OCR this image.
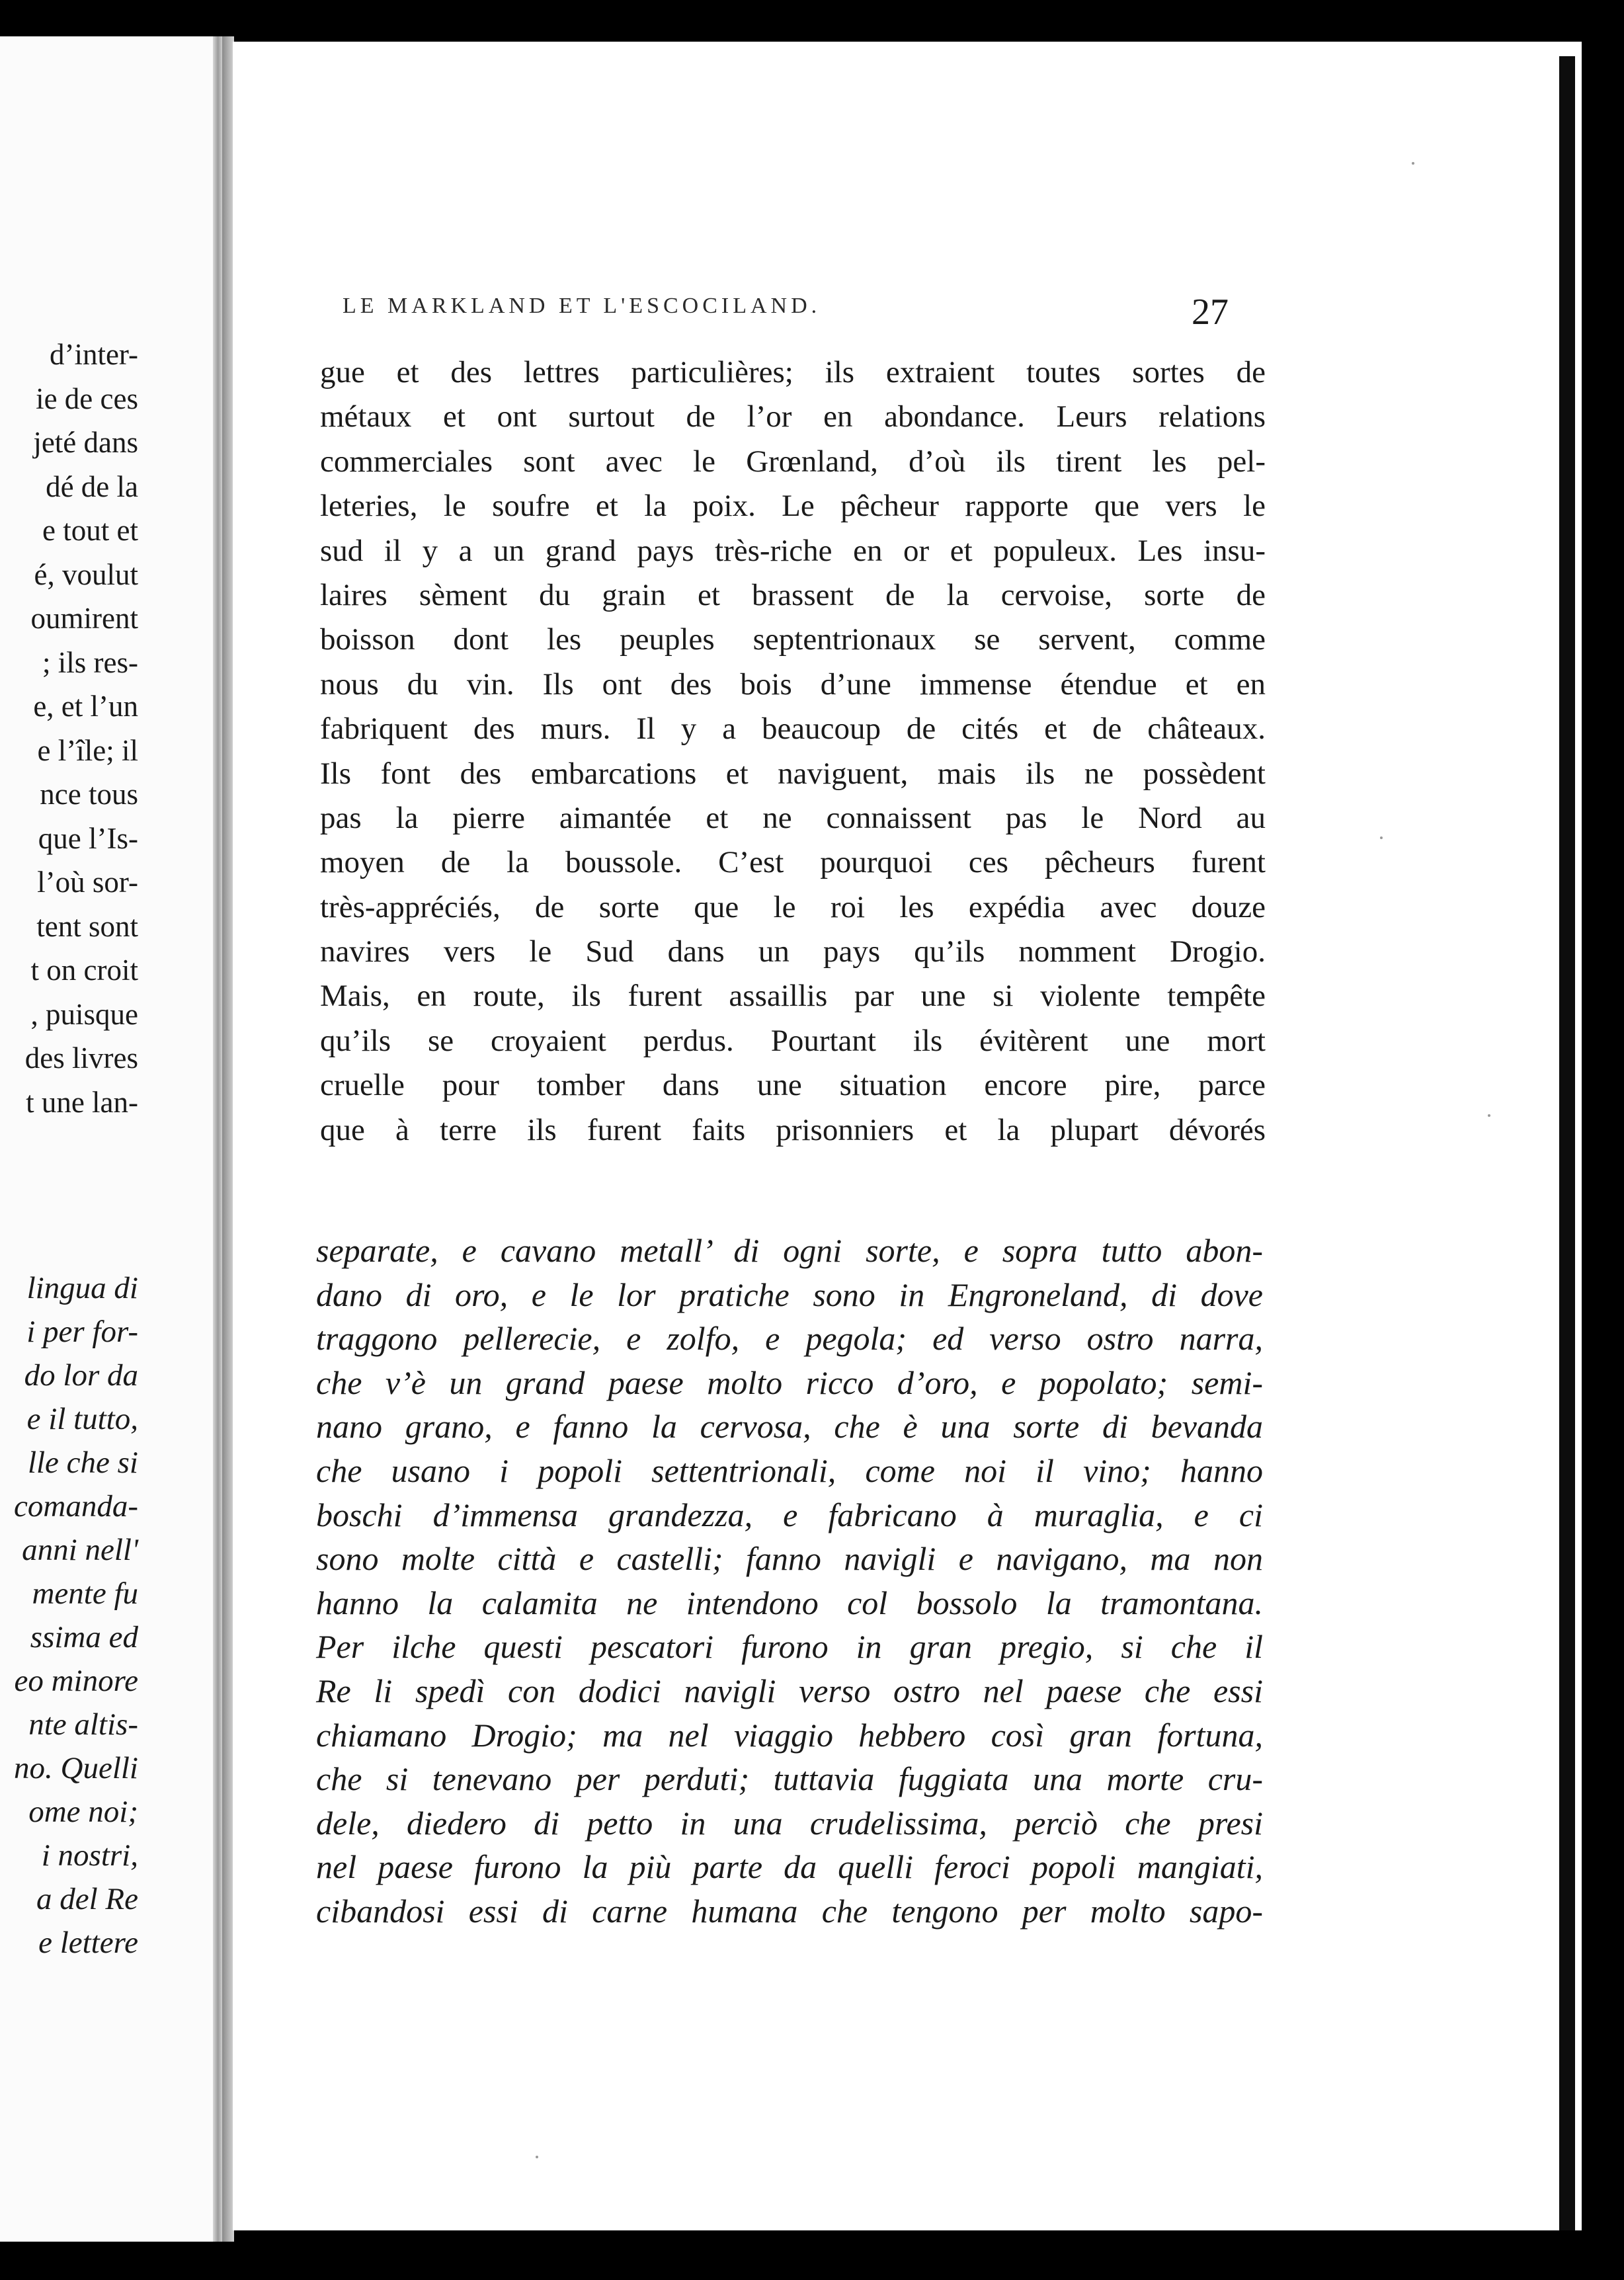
d’inter-
ie de ces
jeté dans
dé de la
e tout et
é, voulut
oumirent
; ils res-
e, et l’un
e l’île; il
nce tous
que l’Is-
l’où sor-
tent sont
t on croit
, puisque
des livres
t une lan-
lingua di
i per for-
do lor da
e il tutto,
lle che si
comanda-
anni nell'
mente fu
ssima ed
eo minore
nte altis-
no. Quelli
ome noi;
i nostri,
a del Re
e lettere
LE MARKLAND ET L'ESCOCILAND.	27
gue et des lettres particulières; ils extraient toutes sortes de
métaux et ont surtout de l’or en abondance. Leurs relations
commerciales sont avec le Grœnland, d’où ils tirent les pel-
leteries, le soufre et la poix. Le pêcheur rapporte que vers le
sud il y a un grand pays très-riche en or et populeux. Les insu-
laires sèment du grain et brassent de la cervoise, sorte de
boisson dont les peuples septentrionaux se servent, comme
nous du vin. Ils ont des bois d’une immense étendue et en
fabriquent des murs. Il y a beaucoup de cités et de châteaux.
Ils font des embarcations et naviguent, mais ils ne possèdent
pas la pierre aimantée et ne connaissent pas le Nord au
moyen de la boussole. C’est pourquoi ces pêcheurs furent
très-appréciés, de sorte que le roi les expédia avec douze
navires vers le Sud dans un pays qu’ils nomment Drogio.
Mais, en route, ils furent assaillis par une si violente tempête
qu’ils se croyaient perdus. Pourtant ils évitèrent une mort
cruelle pour tomber dans une situation encore pire, parce
que à terre ils furent faits prisonniers et la plupart dévorés
separate, e cavano metall’ di ogni sorte, e sopra tutto abon-
dano di oro, e le lor pratiche sono in Engroneland, di dove
traggono pellerecie, e zolfo, e pegola; ed verso ostro narra,
che v’è un grand paese molto ricco d’oro, e popolato; semi-
nano grano, e fanno la cervosa, che è una sorte di bevanda
che usano i popoli settentrionali, come noi il vino; hanno
boschi d’immensa grandezza, e fabricano à muraglia, e ci
sono molte città e castelli; fanno navigli e navigano, ma non
hanno la calamita ne intendono col bossolo la tramontana.
Per ilche questi pescatori furono in gran pregio, si che il
Re li spedì con dodici navigli verso ostro nel paese che essi
chiamano Drogio; ma nel viaggio hebbero così gran fortuna,
che si tenevano per perduti; tuttavia fuggiata una morte cru-
dele, diedero di petto in una crudelissima, perciò che presi
nel paese furono la più parte da quelli feroci popoli mangiati,
cibandosi essi di carne humana che tengono per molto sapo-
